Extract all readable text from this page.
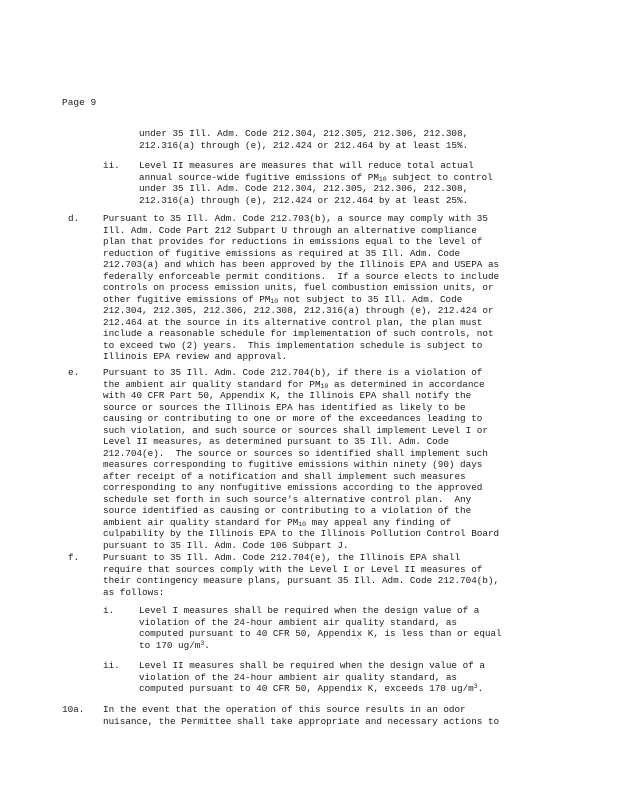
Page 9
under 35 Ill. Adm. Code 212.304, 212.305, 212.306, 212.308,
212.316(a) through (e), 212.424 or 212.464 by at least 15%.
ii. Level II measures are measures that will reduce total actual
annual source-wide fugitive emissions of $PM_{10}$ subject to control
under 35 Ill. Adm. Code 212.304, 212.305, 212.306, 212.308,
212.316(a) through (e), 212.424 or 212.464 by at least 25%.
d.	Pursuant to 35 Ill. Adm. Code 212.703(b), a source may comply with 35
Ill. Adm. Code Part 212 Subpart U through an alternative compliance
plan that provides for reductions in emissions equal to the level of
reduction of fugitive emissions as required at 35 Ill. Adm. Code
212.703(a) and which has been approved by the Illinois EPA and USEPA as
federally enforceable permit conditions.  If a source elects to include
controls on process emission units, fuel combustion emission units, or
other fugitive emissions of $PM_{10}$ not subject to 35 Ill. Adm. Code
212.304, 212.305, 212.306, 212.308, 212.316(a) through (e), 212.424 or
212.464 at the source in its alternative control plan, the plan must
include a reasonable schedule for implementation of such controls, not
to exceed two (2) years.  This implementation schedule is subject to
Illinois EPA review and approval.
e.	Pursuant to 35 Ill. Adm. Code 212.704(b), if there is a violation of
the ambient air quality standard for $PM_{10}$ as determined in accordance
with 40 CFR Part 50, Appendix K, the Illinois EPA shall notify the
source or sources the Illinois EPA has identified as likely to be
causing or contributing to one or more of the exceedances leading to
such violation, and such source or sources shall implement Level I or
Level II measures, as determined pursuant to 35 Ill. Adm. Code
212.704(e).  The source or sources so identified shall implement such
measures corresponding to fugitive emissions within ninety (90) days
after receipt of a notification and shall implement such measures
corresponding to any nonfugitive emissions according to the approved
schedule set forth in such source's alternative control plan.  Any
source identified as causing or contributing to a violation of the
ambient air quality standard for $PM_{10}$ may appeal any finding of
culpability by the Illinois EPA to the Illinois Pollution Control Board
pursuant to 35 Ill. Adm. Code 106 Subpart J.
f.	Pursuant to 35 Ill. Adm. Code 212.704(e), the Illinois EPA shall
require that sources comply with the Level I or Level II measures of
their contingency measure plans, pursuant 35 Ill. Adm. Code 212.704(b),
as follows:
i.	Level I measures shall be required when the design value of a
violation of the 24-hour ambient air quality standard, as
computed pursuant to 40 CFR 50, Appendix K, is less than or equal
to 170 $ug/m^3$.
ii. Level II measures shall be required when the design value of a
violation of the 24-hour ambient air quality standard, as
computed pursuant to 40 CFR 50, Appendix K, exceeds 170 $ug/m^3$.
10a. In the event that the operation of this source results in an odor
nuisance, the Permittee shall take appropriate and necessary actions to
